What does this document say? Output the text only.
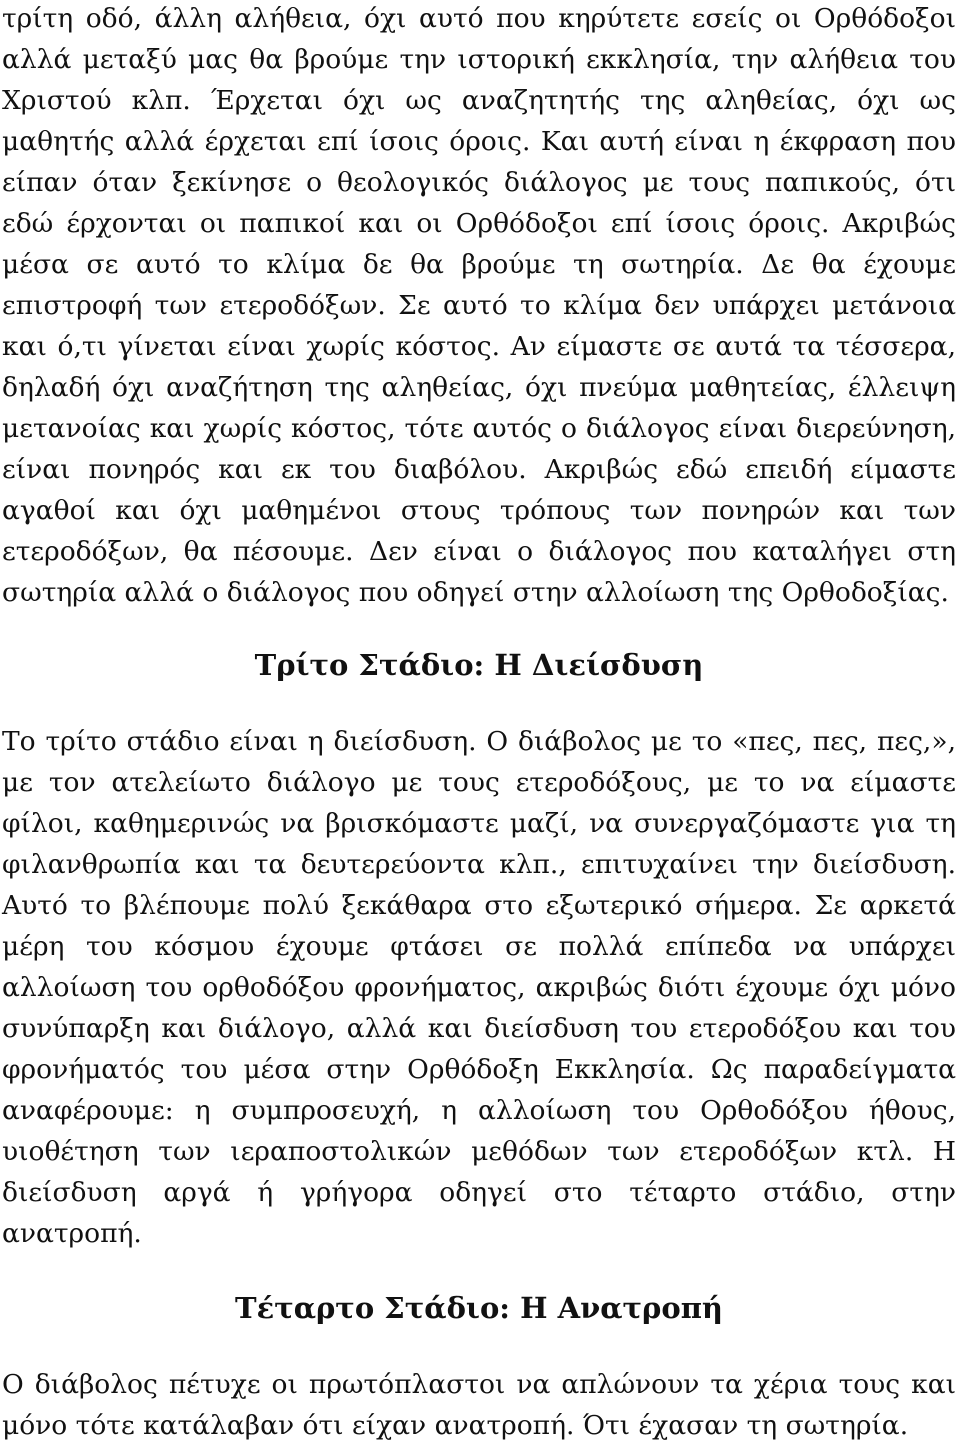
τρίτη οδό, άλλη αλήθεια, όχι αυτό που κηρύτετε εσείς οι Ορθόδοξοι αλλά μεταξύ μας θα βρούμε την ιστορική εκκλησία, την αλήθεια του Χριστού κλπ. Έρχεται όχι ως αναζητητής της αληθείας, όχι ως μαθητής αλλά έρχεται επί ίσοις όροις. Και αυτή είναι η έκφραση που είπαν όταν ξεκίνησε ο θεολογικός διάλογος με τους παπικούς, ότι εδώ έρχονται οι παπικοί και οι Ορθόδοξοι επί ίσοις όροις. Ακριβώς μέσα σε αυτό το κλίμα δε θα βρούμε τη σωτηρία. Δε θα έχουμε επιστροφή των ετεροδόξων. Σε αυτό το κλίμα δεν υπάρχει μετάνοια και ό,τι γίνεται είναι χωρίς κόστος. Αν είμαστε σε αυτά τα τέσσερα, δηλαδή όχι αναζήτηση της αληθείας, όχι πνεύμα μαθητείας, έλλειψη μετανοίας και χωρίς κόστος, τότε αυτός ο διάλογος είναι διερεύνηση, είναι πονηρός και εκ του διαβόλου. Ακριβώς εδώ επειδή είμαστε αγαθοί και όχι μαθημένοι στους τρόπους των πονηρών και των ετεροδόξων, θα πέσουμε. Δεν είναι ο διάλογος που καταλήγει στη σωτηρία αλλά ο διάλογος που οδηγεί στην αλλοίωση της Ορθοδοξίας.

Τρίτο Στάδιο: Η Διείσδυση

Το τρίτο στάδιο είναι η διείσδυση. Ο διάβολος με το «πες, πες, πες,», με τον ατελείωτο διάλογο με τους ετεροδόξους, με το να είμαστε φίλοι, καθημερινώς να βρισκόμαστε μαζί, να συνεργαζόμαστε για τη φιλανθρωπία και τα δευτερεύοντα κλπ., επιτυχαίνει την διείσδυση. Αυτό το βλέπουμε πολύ ξεκάθαρα στο εξωτερικό σήμερα. Σε αρκετά μέρη του κόσμου έχουμε φτάσει σε πολλά επίπεδα να υπάρχει αλλοίωση του ορθοδόξου φρονήματος, ακριβώς διότι έχουμε όχι μόνο συνύπαρξη και διάλογο, αλλά και διείσδυση του ετεροδόξου και του φρονήματός του μέσα στην Ορθόδοξη Εκκλησία. Ως παραδείγματα αναφέρουμε: η συμπροσευχή, η αλλοίωση του Ορθοδόξου ήθους, υιοθέτηση των ιεραποστολικών μεθόδων των ετεροδόξων κτλ. Η διείσδυση αργά ή γρήγορα οδηγεί στο τέταρτο στάδιο, στην ανατροπή.

Τέταρτο Στάδιο: Η Ανατροπή

Ο διάβολος πέτυχε οι πρωτόπλαστοι να απλώνουν τα χέρια τους και μόνο τότε κατάλαβαν ότι είχαν ανατροπή. Ότι έχασαν τη σωτηρία.
